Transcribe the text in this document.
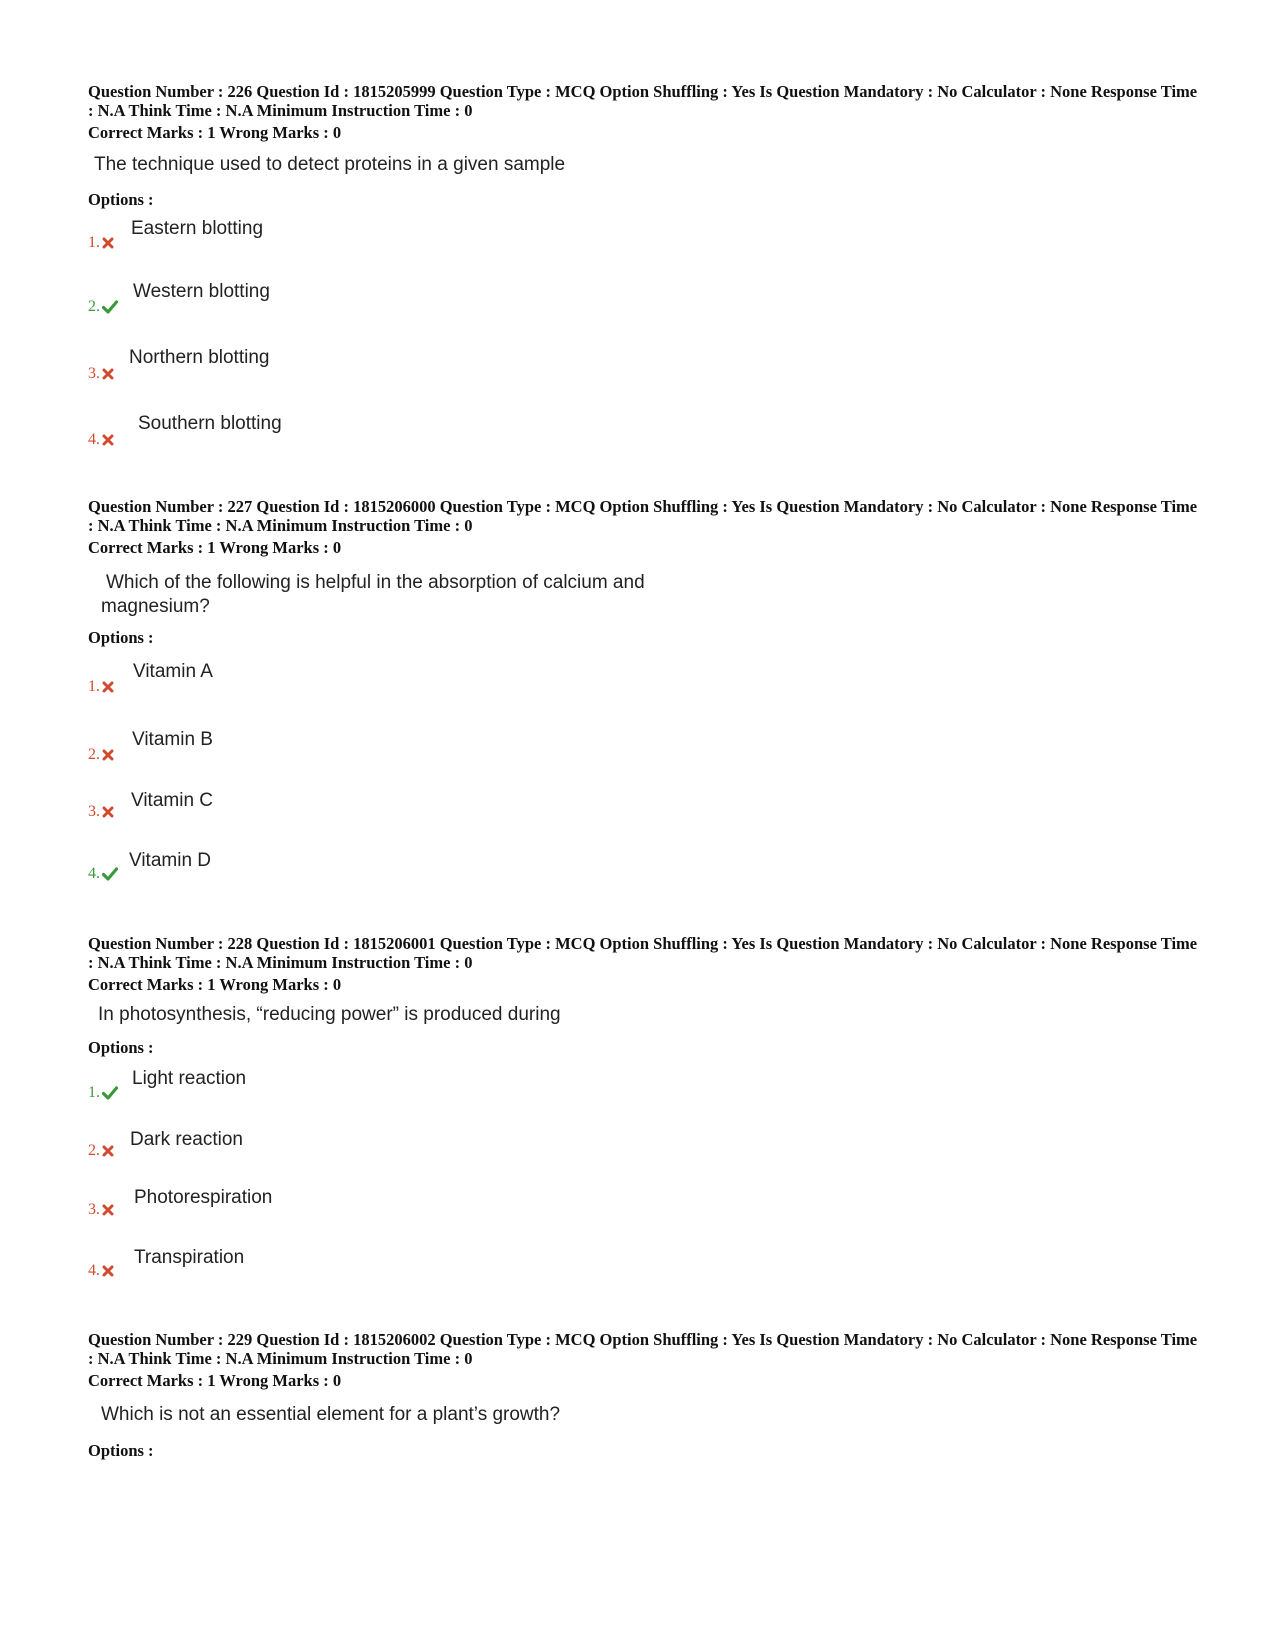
Question Number : 226 Question Id : 1815205999 Question Type : MCQ Option Shuffling : Yes Is Question Mandatory : No Calculator : None Response Time : N.A Think Time : N.A Minimum Instruction Time : 0
Correct Marks : 1 Wrong Marks : 0
The technique used to detect proteins in a given sample
Options :
1.
Eastern blotting
2.
Western blotting
3.
Northern blotting
4.
Southern blotting
Question Number : 227 Question Id : 1815206000 Question Type : MCQ Option Shuffling : Yes Is Question Mandatory : No Calculator : None Response Time : N.A Think Time : N.A Minimum Instruction Time : 0
Correct Marks : 1 Wrong Marks : 0
Which of the following is helpful in the absorption of calcium and
magnesium?
Options :
1.
Vitamin A
2.
Vitamin B
3.
Vitamin C
4.
Vitamin D
Question Number : 228 Question Id : 1815206001 Question Type : MCQ Option Shuffling : Yes Is Question Mandatory : No Calculator : None Response Time : N.A Think Time : N.A Minimum Instruction Time : 0
Correct Marks : 1 Wrong Marks : 0
In photosynthesis, “reducing power” is produced during
Options :
1.
Light reaction
2.
Dark reaction
3.
Photorespiration
4.
Transpiration
Question Number : 229 Question Id : 1815206002 Question Type : MCQ Option Shuffling : Yes Is Question Mandatory : No Calculator : None Response Time : N.A Think Time : N.A Minimum Instruction Time : 0
Correct Marks : 1 Wrong Marks : 0
Which is not an essential element for a plant’s growth?
Options :
